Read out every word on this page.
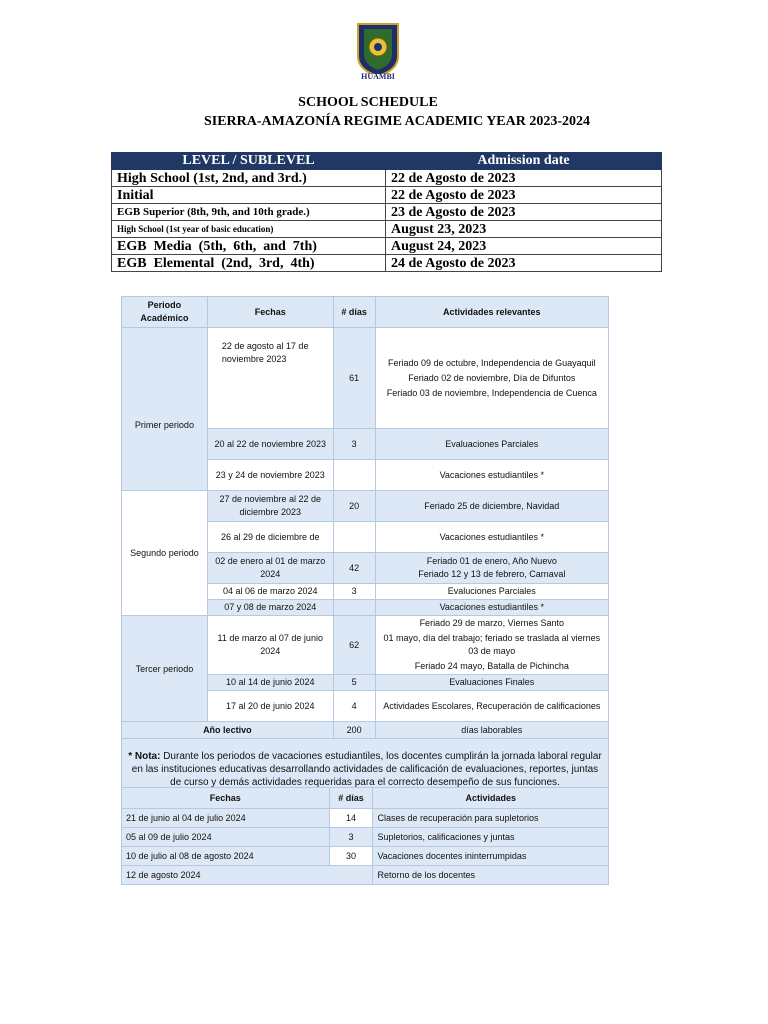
HUAMBI
SCHOOL SCHEDULE
SIERRA-AMAZONÍA REGIME ACADEMIC YEAR 2023-2024
LEVEL / SUBLEVEL	Admission date
High School (1st, 2nd, and 3rd.)	22 de Agosto de 2023
Initial	22 de Agosto de 2023
EGB Superior (8th, 9th, and 10th grade.)	23 de Agosto de 2023
High School (1st year of basic education)	August 23, 2023
EGB  Media  (5th,  6th,  and  7th)	August 24, 2023
EGB  Elemental  (2nd,  3rd,  4th)	24 de Agosto de 2023
Periodo Académico	Fechas	# días	Actividades relevantes
Primer periodo	22 de agosto al 17 de noviembre 2023	61	Feriado 09 de octubre, Independencia de Guayaquil
Feriado 02 de noviembre, Día de Difuntos
Feriado 03 de noviembre, Independencia de Cuenca

	20 al 22 de noviembre 2023	3	Evaluaciones Parciales
	23 y 24 de noviembre 2023		Vacaciones estudiantiles *
Segundo periodo	27 de noviembre al 22 de diciembre 2023	20	Feriado 25 de diciembre, Navidad
	26 al 29 de diciembre de		Vacaciones estudiantiles *
	02 de enero al 01 de marzo 2024	42	Feriado 01 de enero, Año Nuevo
Feriado 12 y 13 de febrero, Carnaval

	04 al 06 de marzo 2024	3	Evaluciones Parciales
	07 y 08 de marzo 2024		Vacaciones estudiantiles *
Tercer periodo	11 de marzo al 07 de junio 2024	62	Feriado 29 de marzo, Viernes Santo
01 mayo, día del trabajo; feriado se traslada al viernes 03 de mayo
Feriado 24 mayo, Batalla de Pichincha

	10 al 14 de junio 2024	5	Evaluaciones Finales
	17 al 20 de junio 2024	4	Actividades Escolares, Recuperación de calificaciones
Año lectivo		200	días laborables
* Nota: Durante los periodos de vacaciones estudiantiles, los docentes cumplirán la jornada laboral regular en las instituciones educativas desarrollando actividades de calificación de evaluaciones, reportes, juntas de curso y demás actividades requeridas para el correcto desempeño de sus funciones.			
Fechas	# días	Actividades
21 de junio al 04 de julio 2024	14	Clases de recuperación para supletorios
05 al 09 de julio 2024	3	Supletorios, calificaciones y juntas
10 de julio al 08 de agosto 2024	30	Vacaciones docentes ininterrumpidas
12 de agosto 2024		Retorno de los docentes
